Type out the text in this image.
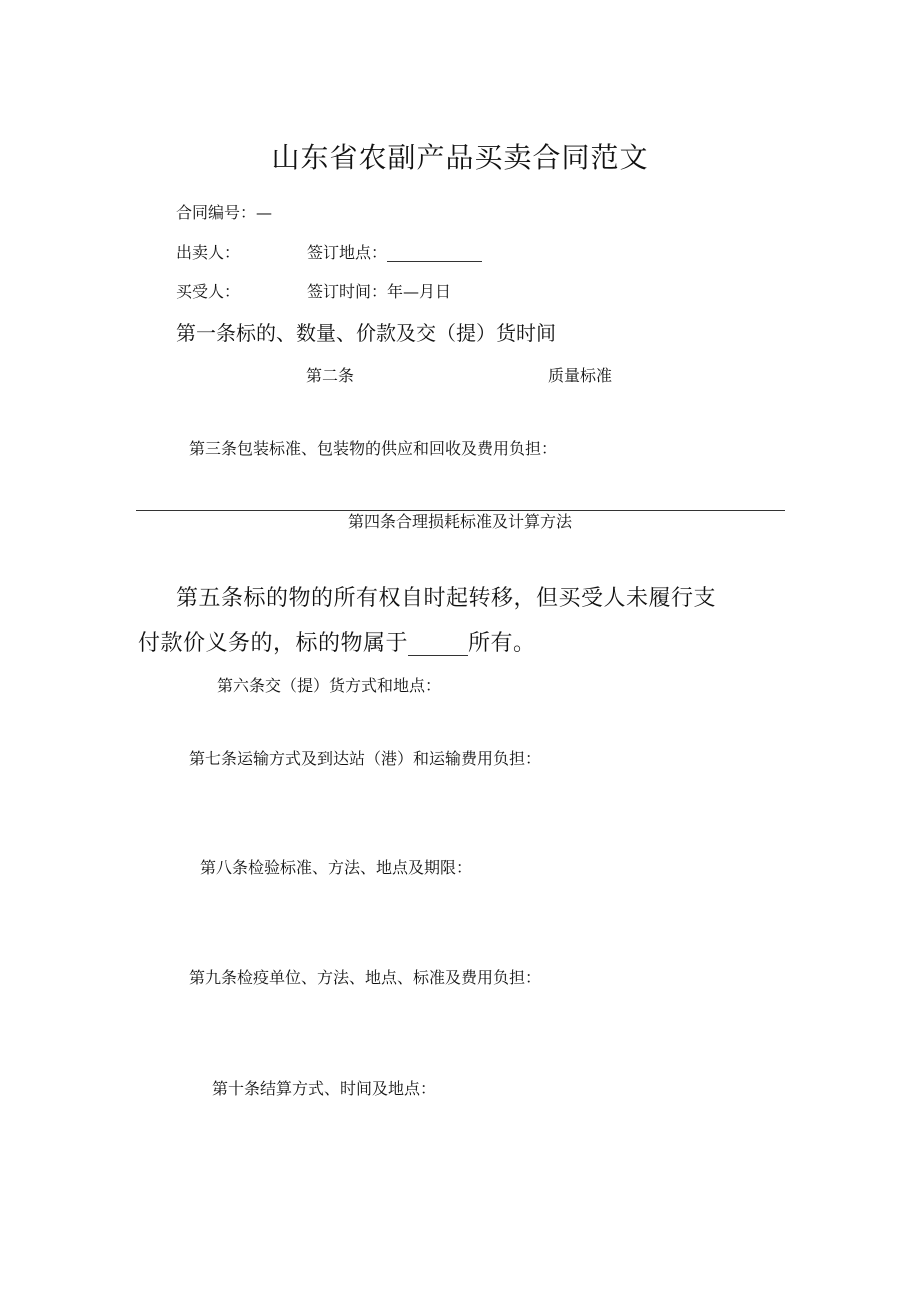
山东省农副产品买卖合同范文
合同编号：—
出卖人：	签订地点：
买受人：	签订时间：年—月日
第一条标的、数量、价款及交（提）货时间
第二条	质量标准
第三条包装标准、包装物的供应和回收及费用负担：
第四条合理损耗标准及计算方法
第五条标的物的所有权自时起转移，但买受人未履行支
付款价义务的，标的物属于	所有。
第六条交（提）货方式和地点：
第七条运输方式及到达站（港）和运输费用负担：
第八条检验标准、方法、地点及期限：
第九条检疫单位、方法、地点、标准及费用负担：
第十条结算方式、时间及地点：
